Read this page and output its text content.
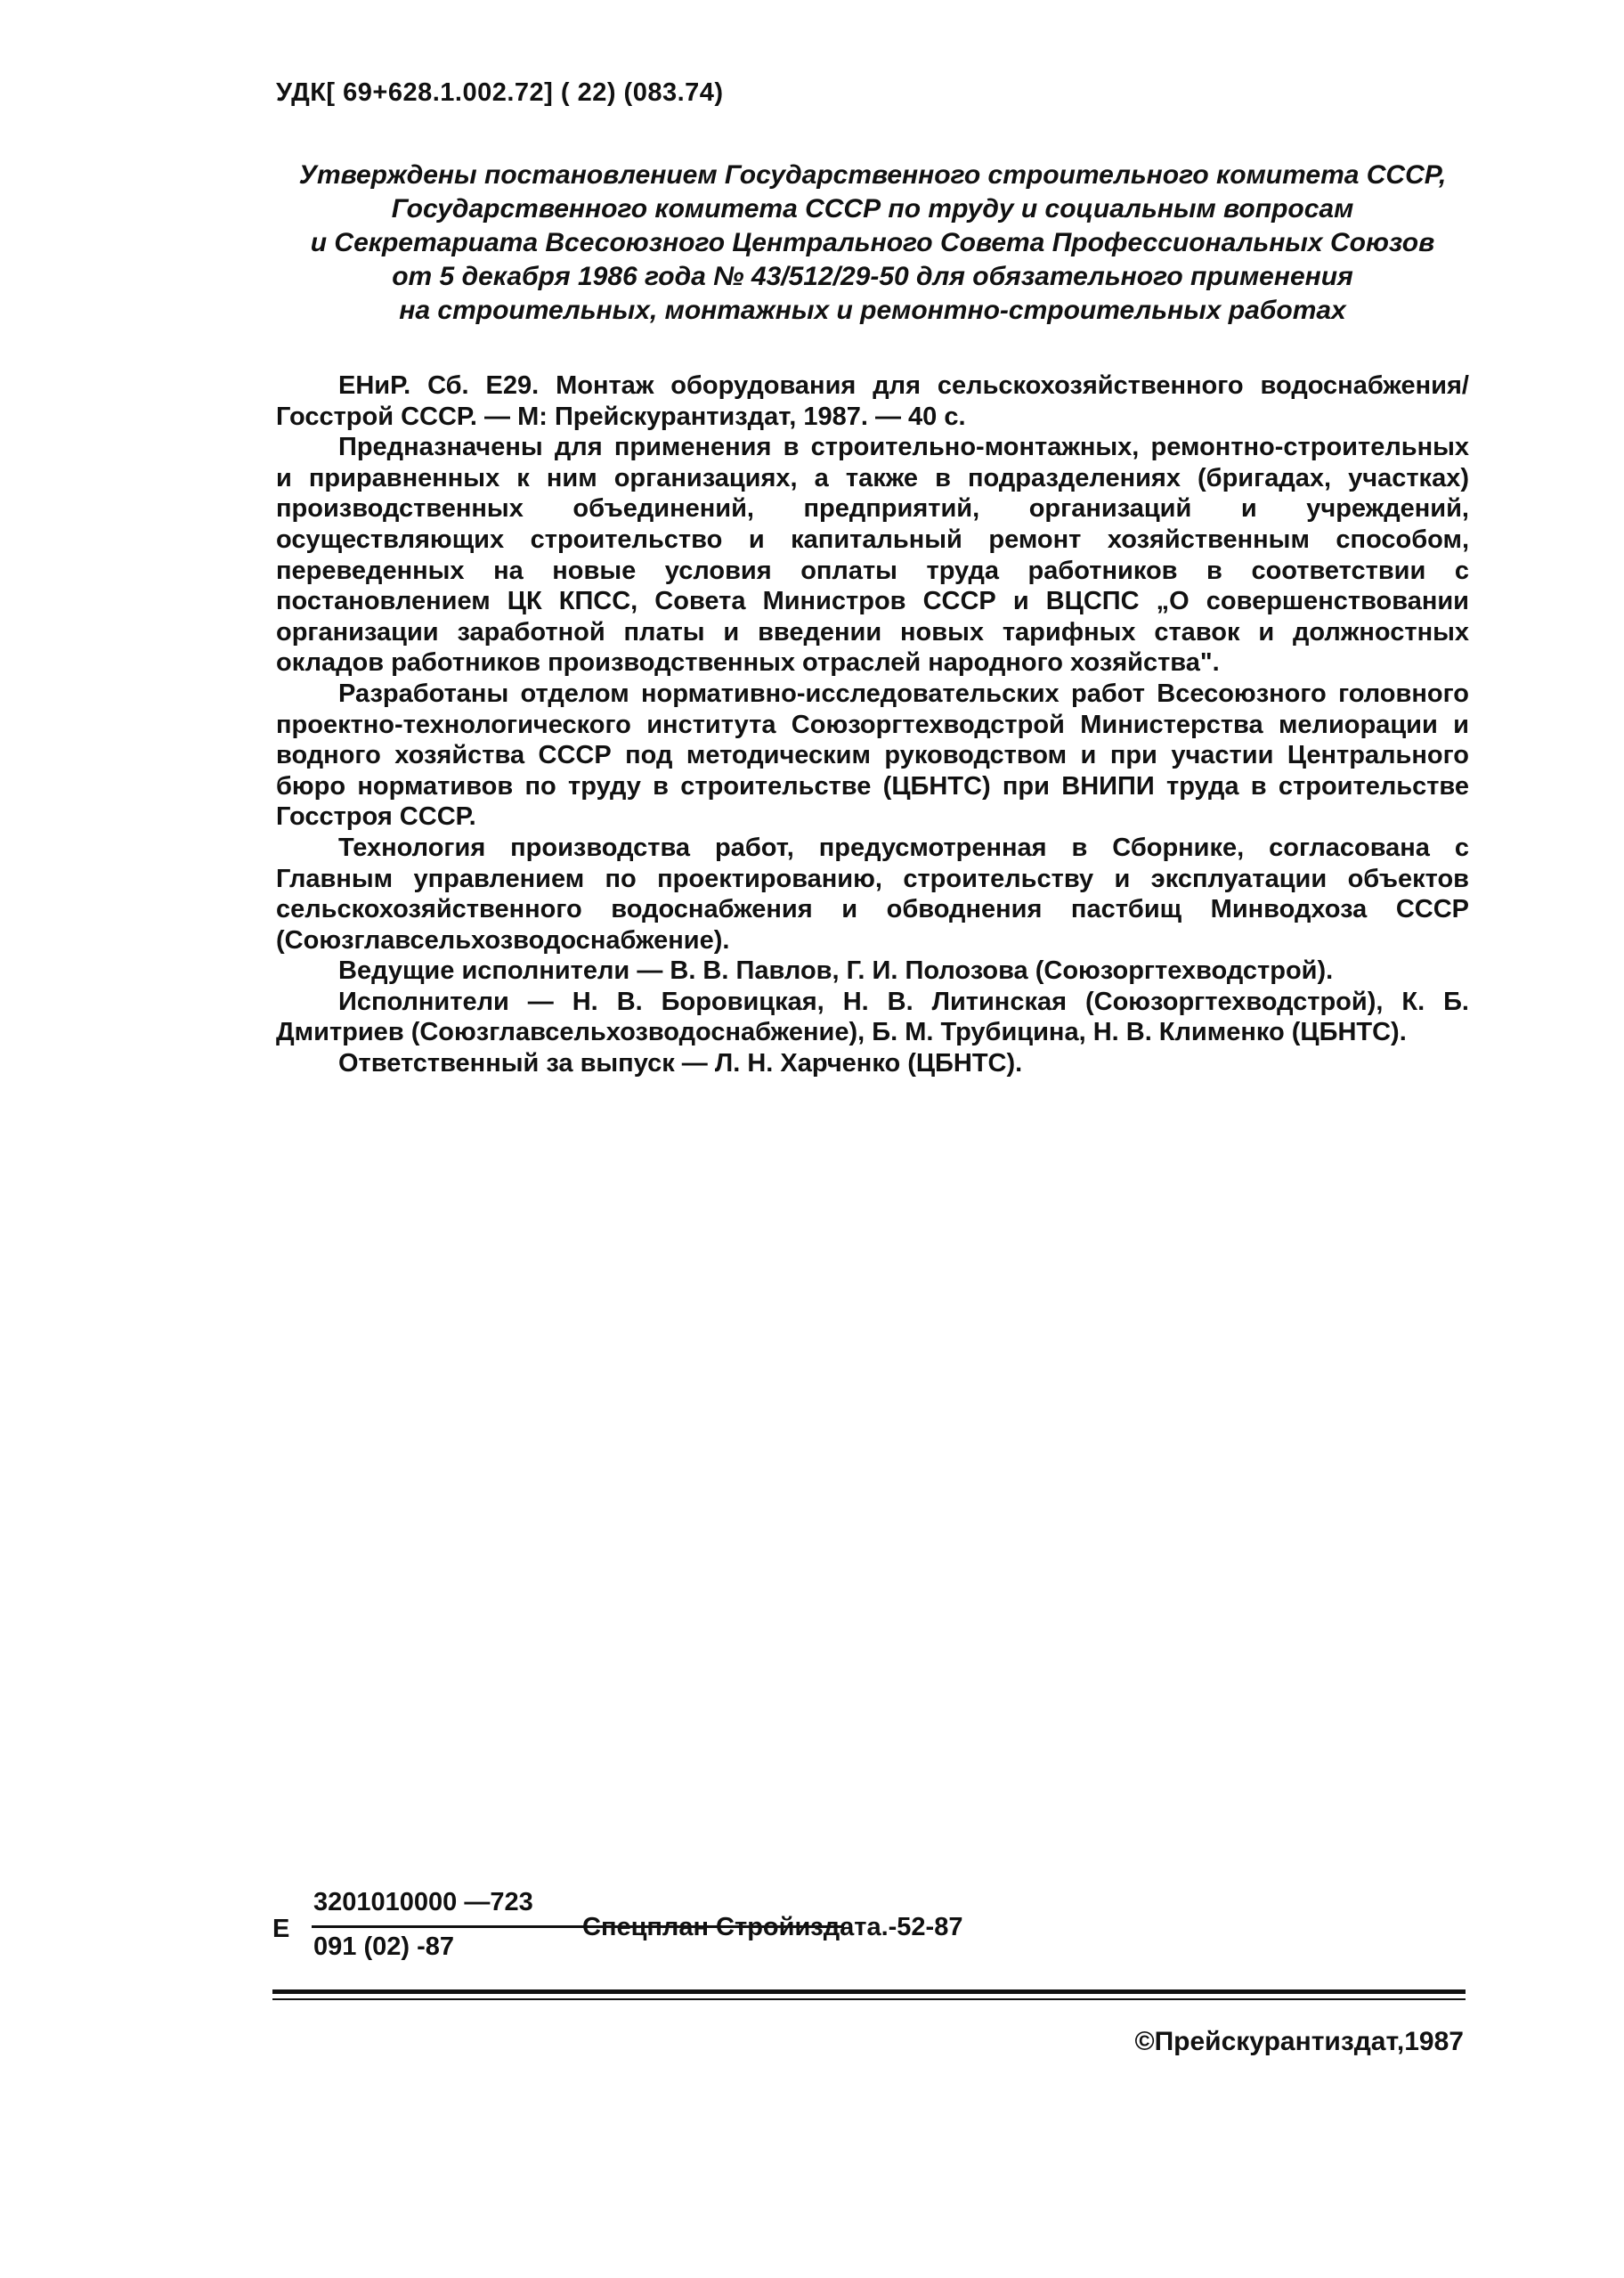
УДК[ 69+628.1.002.72] ( 22) (083.74)
Утверждены постановлением Государственного строительного комитета СССР,
Государственного комитета СССР по труду и социальным вопросам
и Секретариата Всесоюзного Центрального Совета Профессиональных Союзов
от 5 декабря 1986 года № 43/512/29-50 для обязательного применения
на строительных, монтажных и ремонтно-строительных работах

ЕНиР. Сб. Е29. Монтаж оборудования для сельскохозяйственного водоснабжения/Госстрой СССР. — М: Прейскурантиздат, 1987. — 40 с.

Предназначены для применения в строительно-монтажных, ремонтно-строительных и приравненных к ним организациях, а также в подразделениях (бригадах, участках) производственных объединений, предприятий, организаций и учреждений, осуществляющих строительство и капитальный ремонт хозяйственным способом, переведенных на новые условия оплаты труда работников в соответствии с постановлением ЦК КПСС, Совета Министров СССР и ВЦСПС „О совершенствовании организации заработной платы и введении новых тарифных ставок и должностных окладов работников производственных отраслей народного хозяйства".

Разработаны отделом нормативно-исследовательских работ Всесоюзного головного проектно-технологического института Союзоргтехводстрой Министерства мелиорации и водного хозяйства СССР под методическим руководством и при участии Центрального бюро нормативов по труду в строительстве (ЦБНТС) при ВНИПИ труда в строительстве Госстроя СССР.

Технология производства работ, предусмотренная в Сборнике, согласована с Главным управлением по проектированию, строительству и эксплуатации объектов сельскохозяйственного водоснабжения и обводнения пастбищ Минводхоза СССР (Союзглавсельхозводоснабжение).

Ведущие исполнители — В. В. Павлов, Г. И. Полозова (Союзоргтехводстрой).

Исполнители — Н. В. Боровицкая, Н. В. Литинская (Союзоргтехводстрой), К. Б. Дмитриев (Союзглавсельхозводоснабжение), Б. М. Трубицина, Н. В. Клименко (ЦБНТС).

Ответственный за выпуск — Л. Н. Харченко (ЦБНТС).

Е
3201010000 —723
091 (02) -87
Спецплан Стройиздата.-52-87
©Прейскурантиздат,1987
